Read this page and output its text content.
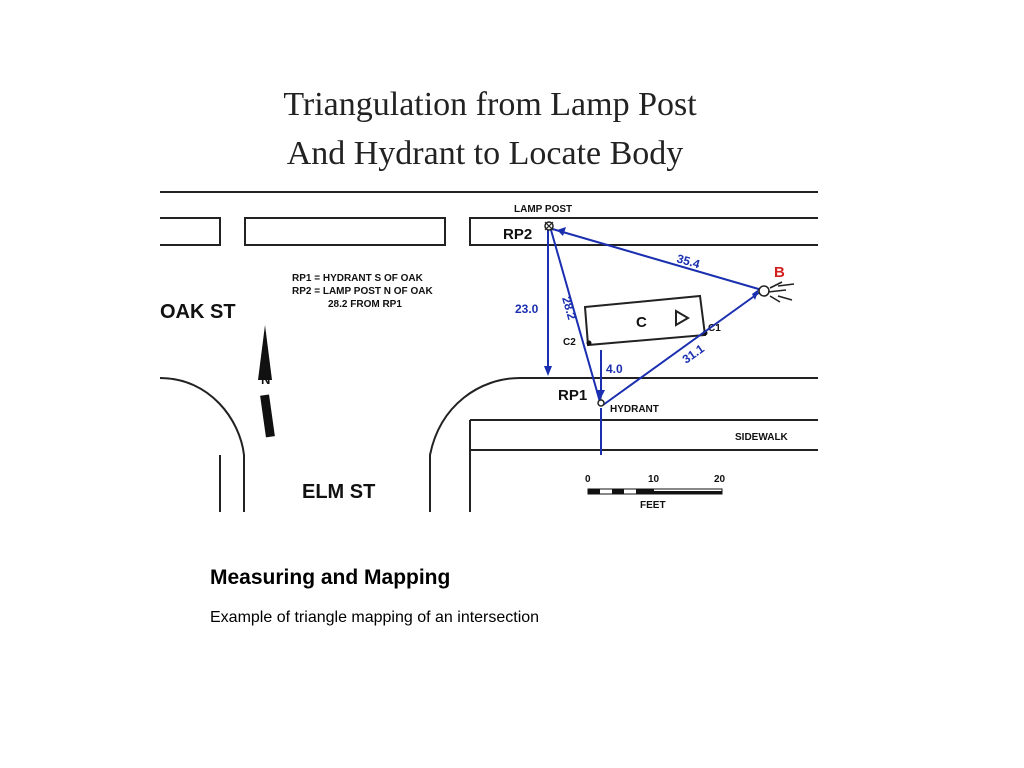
Triangulation from Lamp Post
And Hydrant to Locate Body
OAK ST
ELM ST
RP1 = HYDRANT S OF OAK
RP2 = LAMP POST N OF OAK
28.2 FROM RP1
N
C	C1
C2
35.4
23.0 28.2
31.1
4.0
LAMP POST
RP2
RP1
HYDRANT
B
SIDEWALK
0	10	20
FEET
Measuring and Mapping
Example of triangle mapping of an intersection
